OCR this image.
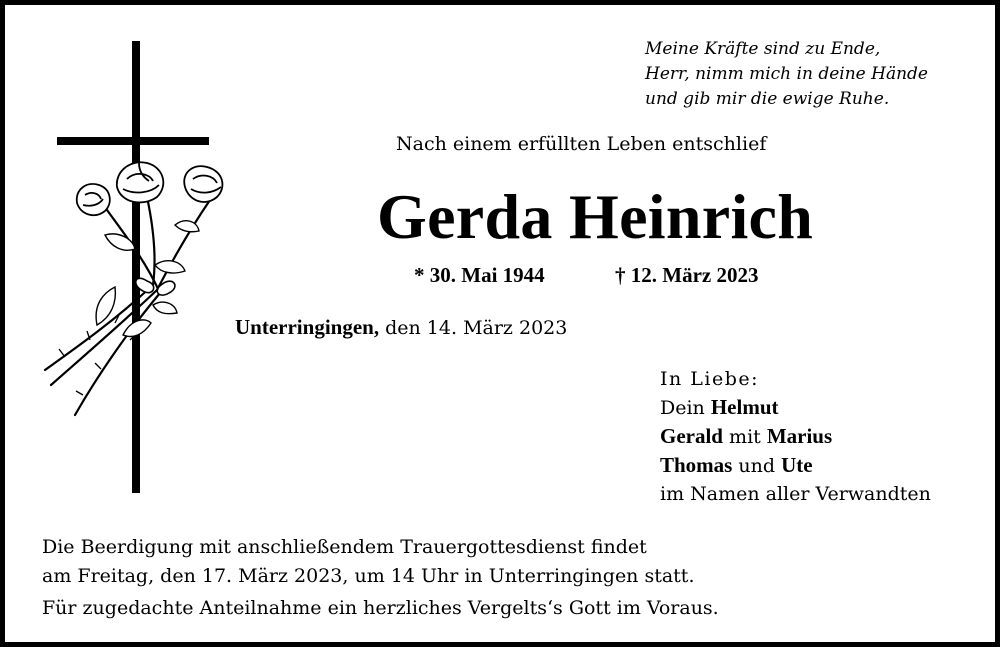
Meine Kräfte sind zu Ende,
Herr, nimm mich in deine Hände
und gib mir die ewige Ruhe.
Nach einem erfüllten Leben entschlief
Gerda Heinrich
* 30. Mai 1944	† 12. März 2023
Unterringingen, den 14. März 2023
In Liebe:
Dein Helmut
Gerald mit Marius
Thomas und Ute
im Namen aller Verwandten
Die Beerdigung mit anschließendem Trauergottesdienst findet
am Freitag, den 17. März 2023, um 14 Uhr in Unterringingen statt.
Für zugedachte Anteilnahme ein herzliches Vergelts‘s Gott im Voraus.
